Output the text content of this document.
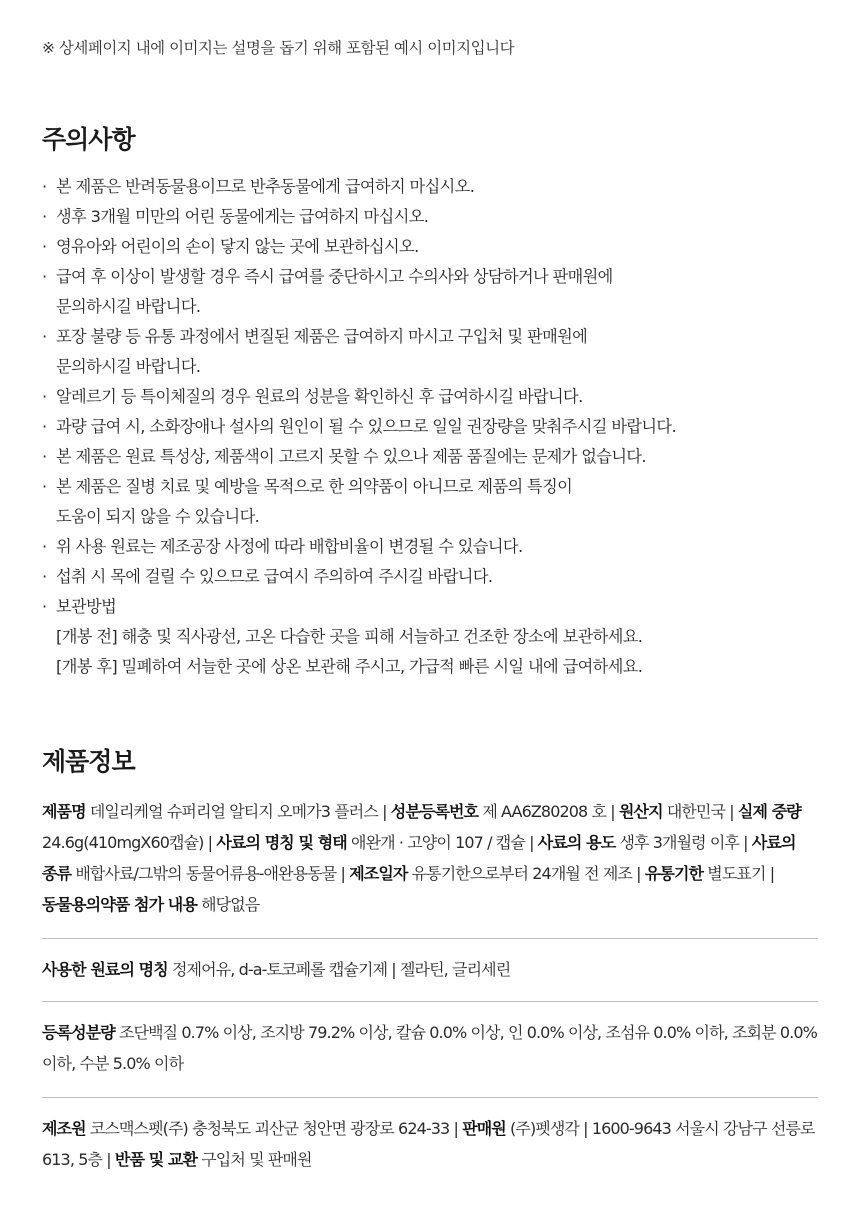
※ 상세페이지 내에 이미지는 설명을 돕기 위해 포함된 예시 이미지입니다
주의사항
· 본 제품은 반려동물용이므로 반추동물에게 급여하지 마십시오.
· 생후 3개월 미만의 어린 동물에게는 급여하지 마십시오.
· 영유아와 어린이의 손이 닿지 않는 곳에 보관하십시오.
· 급여 후 이상이 발생할 경우 즉시 급여를 중단하시고 수의사와 상담하거나 판매원에
문의하시길 바랍니다.
· 포장 불량 등 유통 과정에서 변질된 제품은 급여하지 마시고 구입처 및 판매원에
문의하시길 바랍니다.
· 알레르기 등 특이체질의 경우 원료의 성분을 확인하신 후 급여하시길 바랍니다.
· 과량 급여 시, 소화장애나 설사의 원인이 될 수 있으므로 일일 권장량을 맞춰주시길 바랍니다.
· 본 제품은 원료 특성상, 제품색이 고르지 못할 수 있으나 제품 품질에는 문제가 없습니다.
· 본 제품은 질병 치료 및 예방을 목적으로 한 의약품이 아니므로 제품의 특징이
도움이 되지 않을 수 있습니다.
· 위 사용 원료는 제조공장 사정에 따라 배합비율이 변경될 수 있습니다.
· 섭취 시 목에 걸릴 수 있으므로 급여시 주의하여 주시길 바랍니다.
· 보관방법
[개봉 전] 해충 및 직사광선, 고온 다습한 곳을 피해 서늘하고 건조한 장소에 보관하세요.
[개봉 후] 밀폐하여 서늘한 곳에 상온 보관해 주시고, 가급적 빠른 시일 내에 급여하세요.
제품정보
제품명 데일리케얼 슈퍼리얼 알티지 오메가3 플러스 | 성분등록번호 제 AA6Z80208 호 | 원산지 대한민국 | 실제 중량 24.6g(410mgX60캡슐) | 사료의 명칭 및 형태 애완개 · 고양이 107 / 캡슐 | 사료의 용도 생후 3개월령 이후 | 사료의 종류 배합사료/그밖의 동물어류용-애완용동물 | 제조일자 유통기한으로부터 24개월 전 제조 | 유통기한 별도표기 | 동물용의약품 첨가 내용 해당없음
사용한 원료의 명칭 정제어유, d-a-토코페롤 캡슐기제 | 젤라틴, 글리세린
등록성분량 조단백질 0.7% 이상, 조지방 79.2% 이상, 칼슘 0.0% 이상, 인 0.0% 이상, 조섬유 0.0% 이하, 조회분 0.0% 이하, 수분 5.0% 이하
제조원 코스맥스펫(주) 충청북도 괴산군 청안면 광장로 624-33 | 판매원 (주)펫생각 | 1600-9643 서울시 강남구 선릉로 613, 5층 | 반품 및 교환 구입처 및 판매원
